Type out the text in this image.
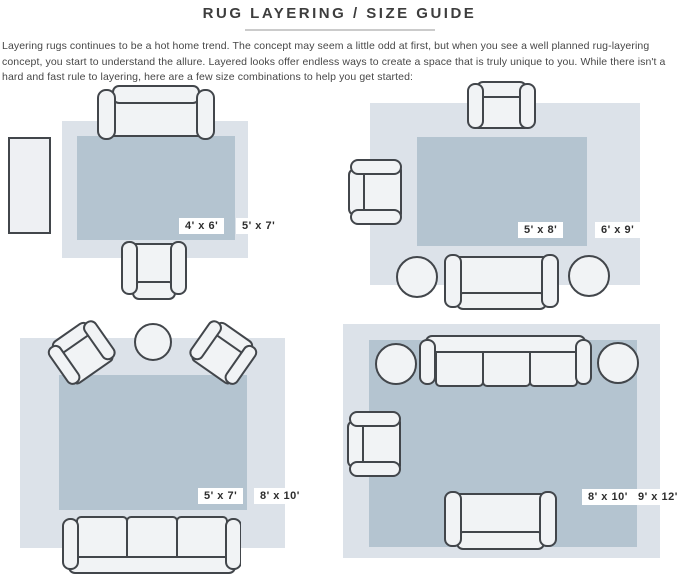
RUG LAYERING / SIZE GUIDE

Layering rugs continues to be a hot home trend. The concept may seem a little odd at first, but when you see a well planned rug-layering concept, you start to understand the allure. Layered looks offer endless ways to create a space that is truly unique to you. While there isn't a hard and fast rule to layering, here are a few size combinations to help you get started:

4' x 6'	5' x 7'	5' x 8'	6' x 9'
5' x 7'	8' x 10'	8' x 10' 9' x 12'
